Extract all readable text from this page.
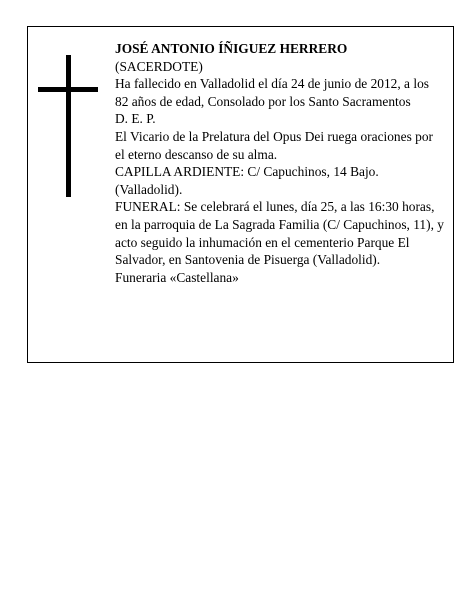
JOSÉ ANTONIO ÍÑIGUEZ HERRERO

(SACERDOTE)

Ha fallecido en Valladolid el día 24 de junio de 2012, a los 82 años de edad, Consolado por los Santo Sacramentos

D. E. P.

El Vicario de la Prelatura del Opus Dei ruega oraciones por el eterno descanso de su alma.

CAPILLA ARDIENTE: C/ Capuchinos, 14 Bajo. (Valladolid).

FUNERAL: Se celebrará el lunes, día 25, a las 16:30 horas, en la parroquia de La Sagrada Familia (C/ Capuchinos, 11), y acto seguido la inhumación en el cementerio Parque El Salvador, en Santovenia de Pisuerga (Valladolid).

Funeraria «Castellana»
